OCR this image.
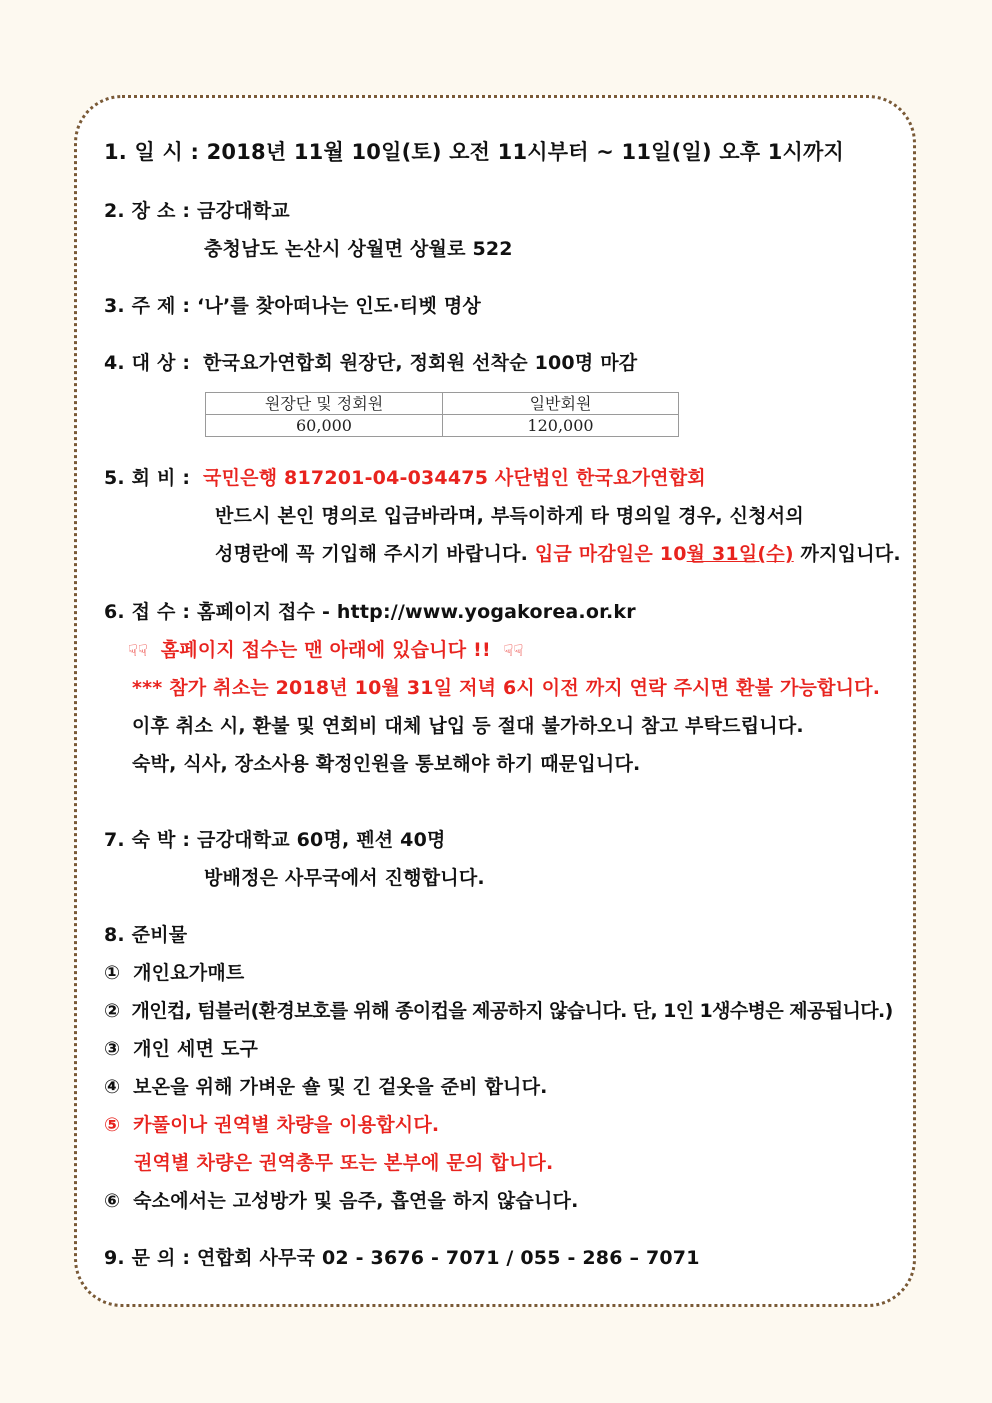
1. 일 시 : 2018년 11월 10일(토) 오전 11시부터 ~ 11일(일) 오후 1시까지
2. 장 소 : 금강대학교
충청남도 논산시 상월면 상월로 522
3. 주 제 : ‘나’를 찾아떠나는 인도·티벳 명상
4. 대 상 : 한국요가연합회 원장단, 정회원 선착순 100명 마감
원장단 및 정회원	일반회원
60,000	120,000
5. 회 비 : 국민은행 817201-04-034475 사단법인 한국요가연합회
반드시 본인 명의로 입금바라며, 부득이하게 타 명의일 경우, 신청서의
성명란에 꼭 기입해 주시기 바랍니다. 입금 마감일은 10월 31일(수) 까지입니다.
6. 접 수 : 홈페이지 접수 - http://www.yogakorea.or.kr
☟☟ 홈페이지 접수는 맨 아래에 있습니다 !! ☟☟
*** 참가 취소는 2018년 10월 31일 저녁 6시 이전 까지 연락 주시면 환불 가능합니다.
이후 취소 시, 환불 및 연회비 대체 납입 등 절대 불가하오니 참고 부탁드립니다.
숙박, 식사, 장소사용 확정인원을 통보해야 하기 때문입니다.
7. 숙 박 : 금강대학교 60명, 펜션 40명
방배정은 사무국에서 진행합니다.
8. 준비물
① 개인요가매트
② 개인컵, 텀블러(환경보호를 위해 종이컵을 제공하지 않습니다. 단, 1인 1생수병은 제공됩니다.)
③ 개인 세면 도구
④ 보온을 위해 가벼운 숄 및 긴 겉옷을 준비 합니다.
⑤ 카풀이나 권역별 차량을 이용합시다.
권역별 차량은 권역총무 또는 본부에 문의 합니다.
⑥ 숙소에서는 고성방가 및 음주, 흡연을 하지 않습니다.
9. 문 의 : 연합회 사무국 02 - 3676 - 7071 / 055 - 286 – 7071
